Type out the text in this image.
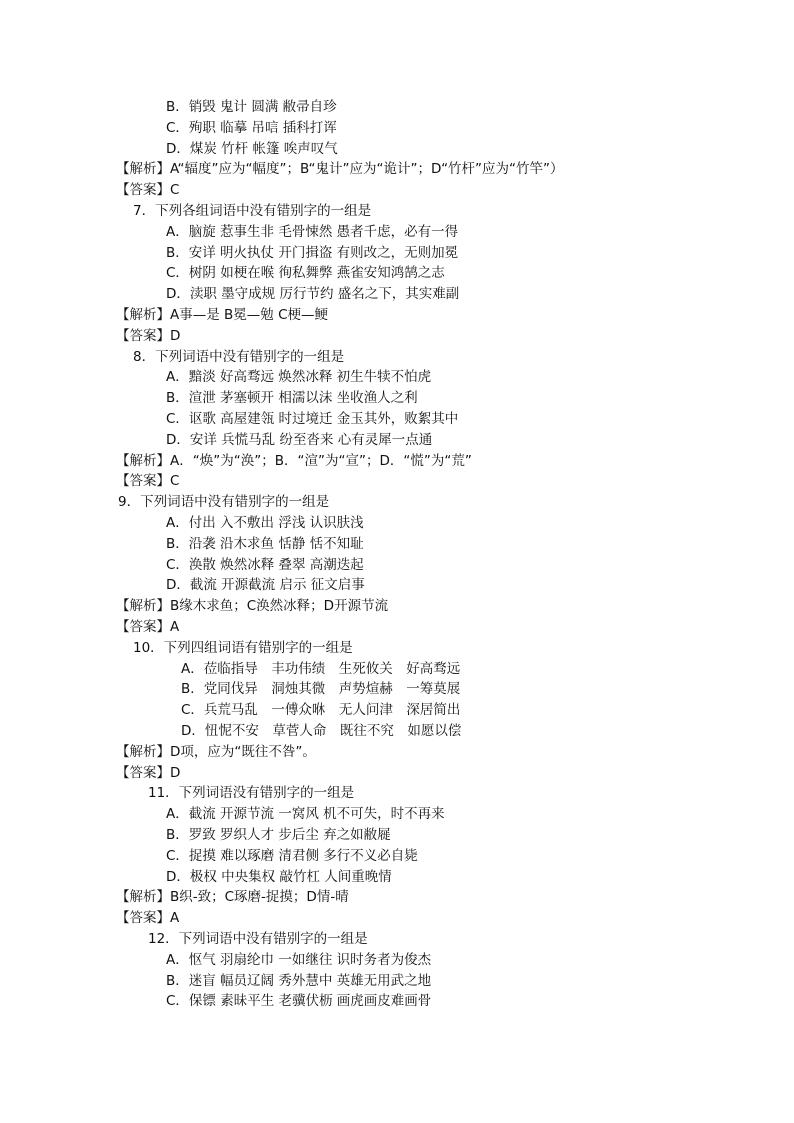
B．销毁 鬼计 圆满 敝帚自珍
C．殉职 临摹 吊唁 插科打诨
D．煤炭 竹杆 帐篷 唉声叹气
【解析】A“辐度”应为“幅度”；B“鬼计”应为“诡计”；D“竹杆”应为“竹竿”）
【答案】C
7．下列各组词语中没有错别字的一组是
A．脑旋 惹事生非 毛骨悚然 愚者千虑，必有一得
B．安详 明火执仗 开门揖盗 有则改之，无则加冕
C．树阴 如梗在喉 徇私舞弊 燕雀安知鸿鹄之志
D．渎职 墨守成规 厉行节约 盛名之下，其实难副
【解析】A事—是 B冕—勉 C梗—鲠
【答案】D
8．下列词语中没有错别字的一组是
A．黯淡 好高骛远 焕然冰释 初生牛犊不怕虎
B．渲泄 茅塞顿开 相濡以沫 坐收渔人之利
C．讴歌 高屋建瓴 时过境迁 金玉其外，败絮其中
D．安详 兵慌马乱 纷至沓来 心有灵犀一点通
【解析】A．“焕”为“涣”；B．“渲”为“宣”；D．“慌”为“荒”
【答案】C
9．下列词语中没有错别字的一组是
A．付出 入不敷出 浮浅 认识肤浅
B．沿袭 沿木求鱼 恬静 恬不知耻
C．涣散 焕然冰释 叠翠 高潮迭起
D．截流 开源截流 启示 征文启事
【解析】B缘木求鱼；C涣然冰释；D开源节流
【答案】A
10．下列四组词语有错别字的一组是
A．莅临指导　丰功伟绩　生死攸关　好高骛远
B．党同伐异　洞烛其微　声势煊赫　一筹莫展
C．兵荒马乱　一傅众咻　无人问津　深居简出
D．忸怩不安　草菅人命　既往不究　如愿以偿
【解析】D项，应为“既往不咎”。
【答案】D
11．下列词语没有错别字的一组是
A．截流 开源节流 一窝风 机不可失，时不再来
B．罗致 罗织人才 步后尘 弃之如敝屣
C．捉摸 难以琢磨 清君侧 多行不义必自毙
D．极权 中央集权 敲竹杠 人间重晚情
【解析】B织-致；C琢磨-捉摸；D情-晴
【答案】A
12．下列词语中没有错别字的一组是
A．怄气 羽扇纶巾 一如继往 识时务者为俊杰
B．迷盲 幅员辽阔 秀外慧中 英雄无用武之地
C．保镖 素昧平生 老骥伏枥 画虎画皮难画骨
